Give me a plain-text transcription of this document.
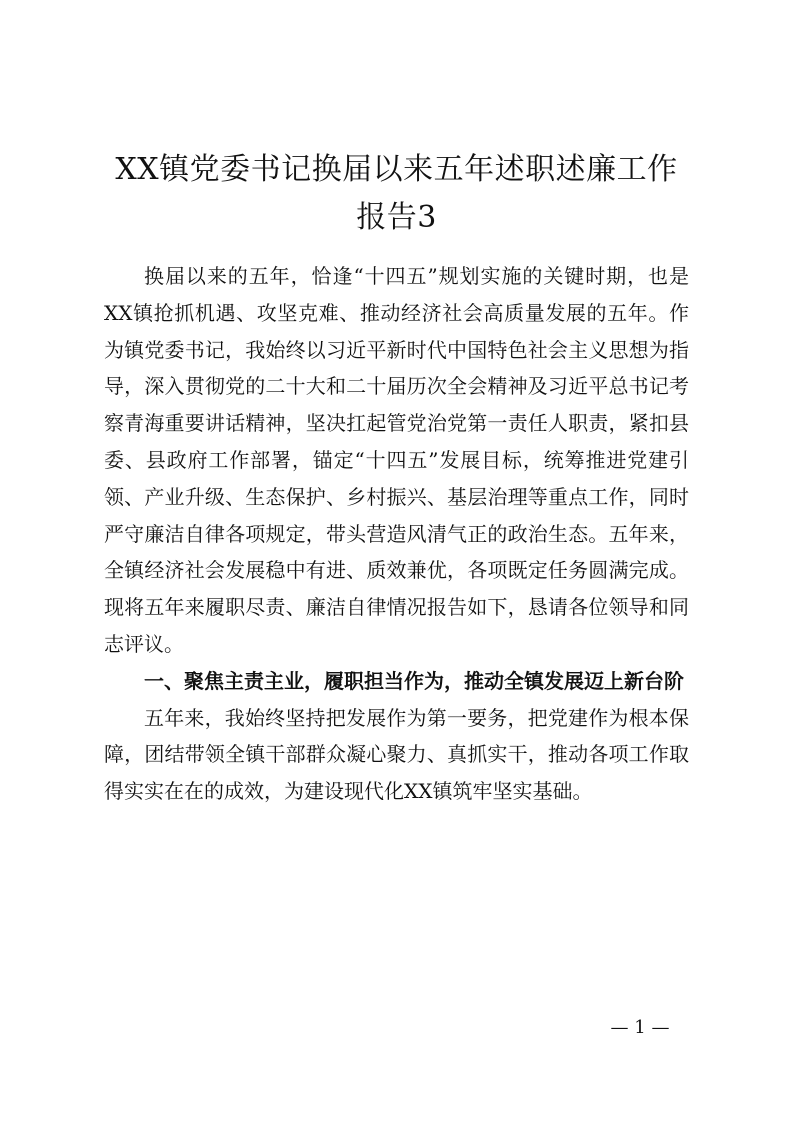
XX镇党委书记换届以来五年述职述廉工作报告3

换届以来的五年，恰逢“十四五”规划实施的关键时期，也是XX镇抢抓机遇、攻坚克难、推动经济社会高质量发展的五年。作为镇党委书记，我始终以习近平新时代中国特色社会主义思想为指导，深入贯彻党的二十大和二十届历次全会精神及习近平总书记考察青海重要讲话精神，坚决扛起管党治党第一责任人职责，紧扣县委、县政府工作部署，锚定“十四五”发展目标，统筹推进党建引领、产业升级、生态保护、乡村振兴、基层治理等重点工作，同时严守廉洁自律各项规定，带头营造风清气正的政治生态。五年来，全镇经济社会发展稳中有进、质效兼优，各项既定任务圆满完成。现将五年来履职尽责、廉洁自律情况报告如下，恳请各位领导和同志评议。

一、聚焦主责主业，履职担当作为，推动全镇发展迈上新台阶

五年来，我始终坚持把发展作为第一要务，把党建作为根本保障，团结带领全镇干部群众凝心聚力、真抓实干，推动各项工作取得实实在在的成效，为建设现代化XX镇筑牢坚实基础。

— 1 —
